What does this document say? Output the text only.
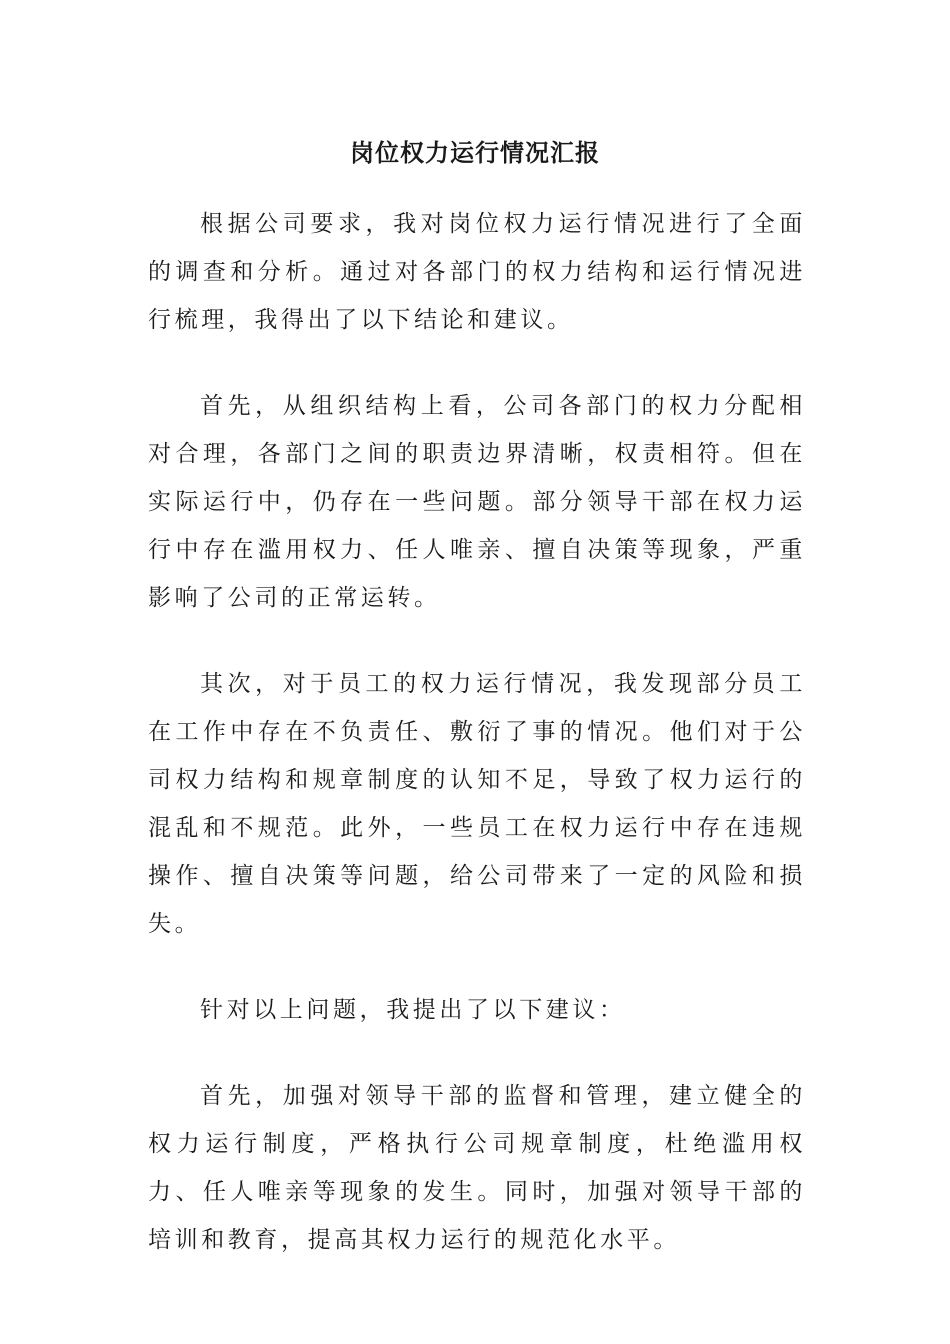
岗位权力运行情况汇报

根据公司要求，我对岗位权力运行情况进行了全面的调查和分析。通过对各部门的权力结构和运行情况进行梳理，我得出了以下结论和建议。

首先，从组织结构上看，公司各部门的权力分配相对合理，各部门之间的职责边界清晰，权责相符。但在实际运行中，仍存在一些问题。部分领导干部在权力运行中存在滥用权力、任人唯亲、擅自决策等现象，严重影响了公司的正常运转。

其次，对于员工的权力运行情况，我发现部分员工在工作中存在不负责任、敷衍了事的情况。他们对于公司权力结构和规章制度的认知不足，导致了权力运行的混乱和不规范。此外，一些员工在权力运行中存在违规操作、擅自决策等问题，给公司带来了一定的风险和损失。

针对以上问题，我提出了以下建议：

首先，加强对领导干部的监督和管理，建立健全的权力运行制度，严格执行公司规章制度，杜绝滥用权力、任人唯亲等现象的发生。同时，加强对领导干部的培训和教育，提高其权力运行的规范化水平。
